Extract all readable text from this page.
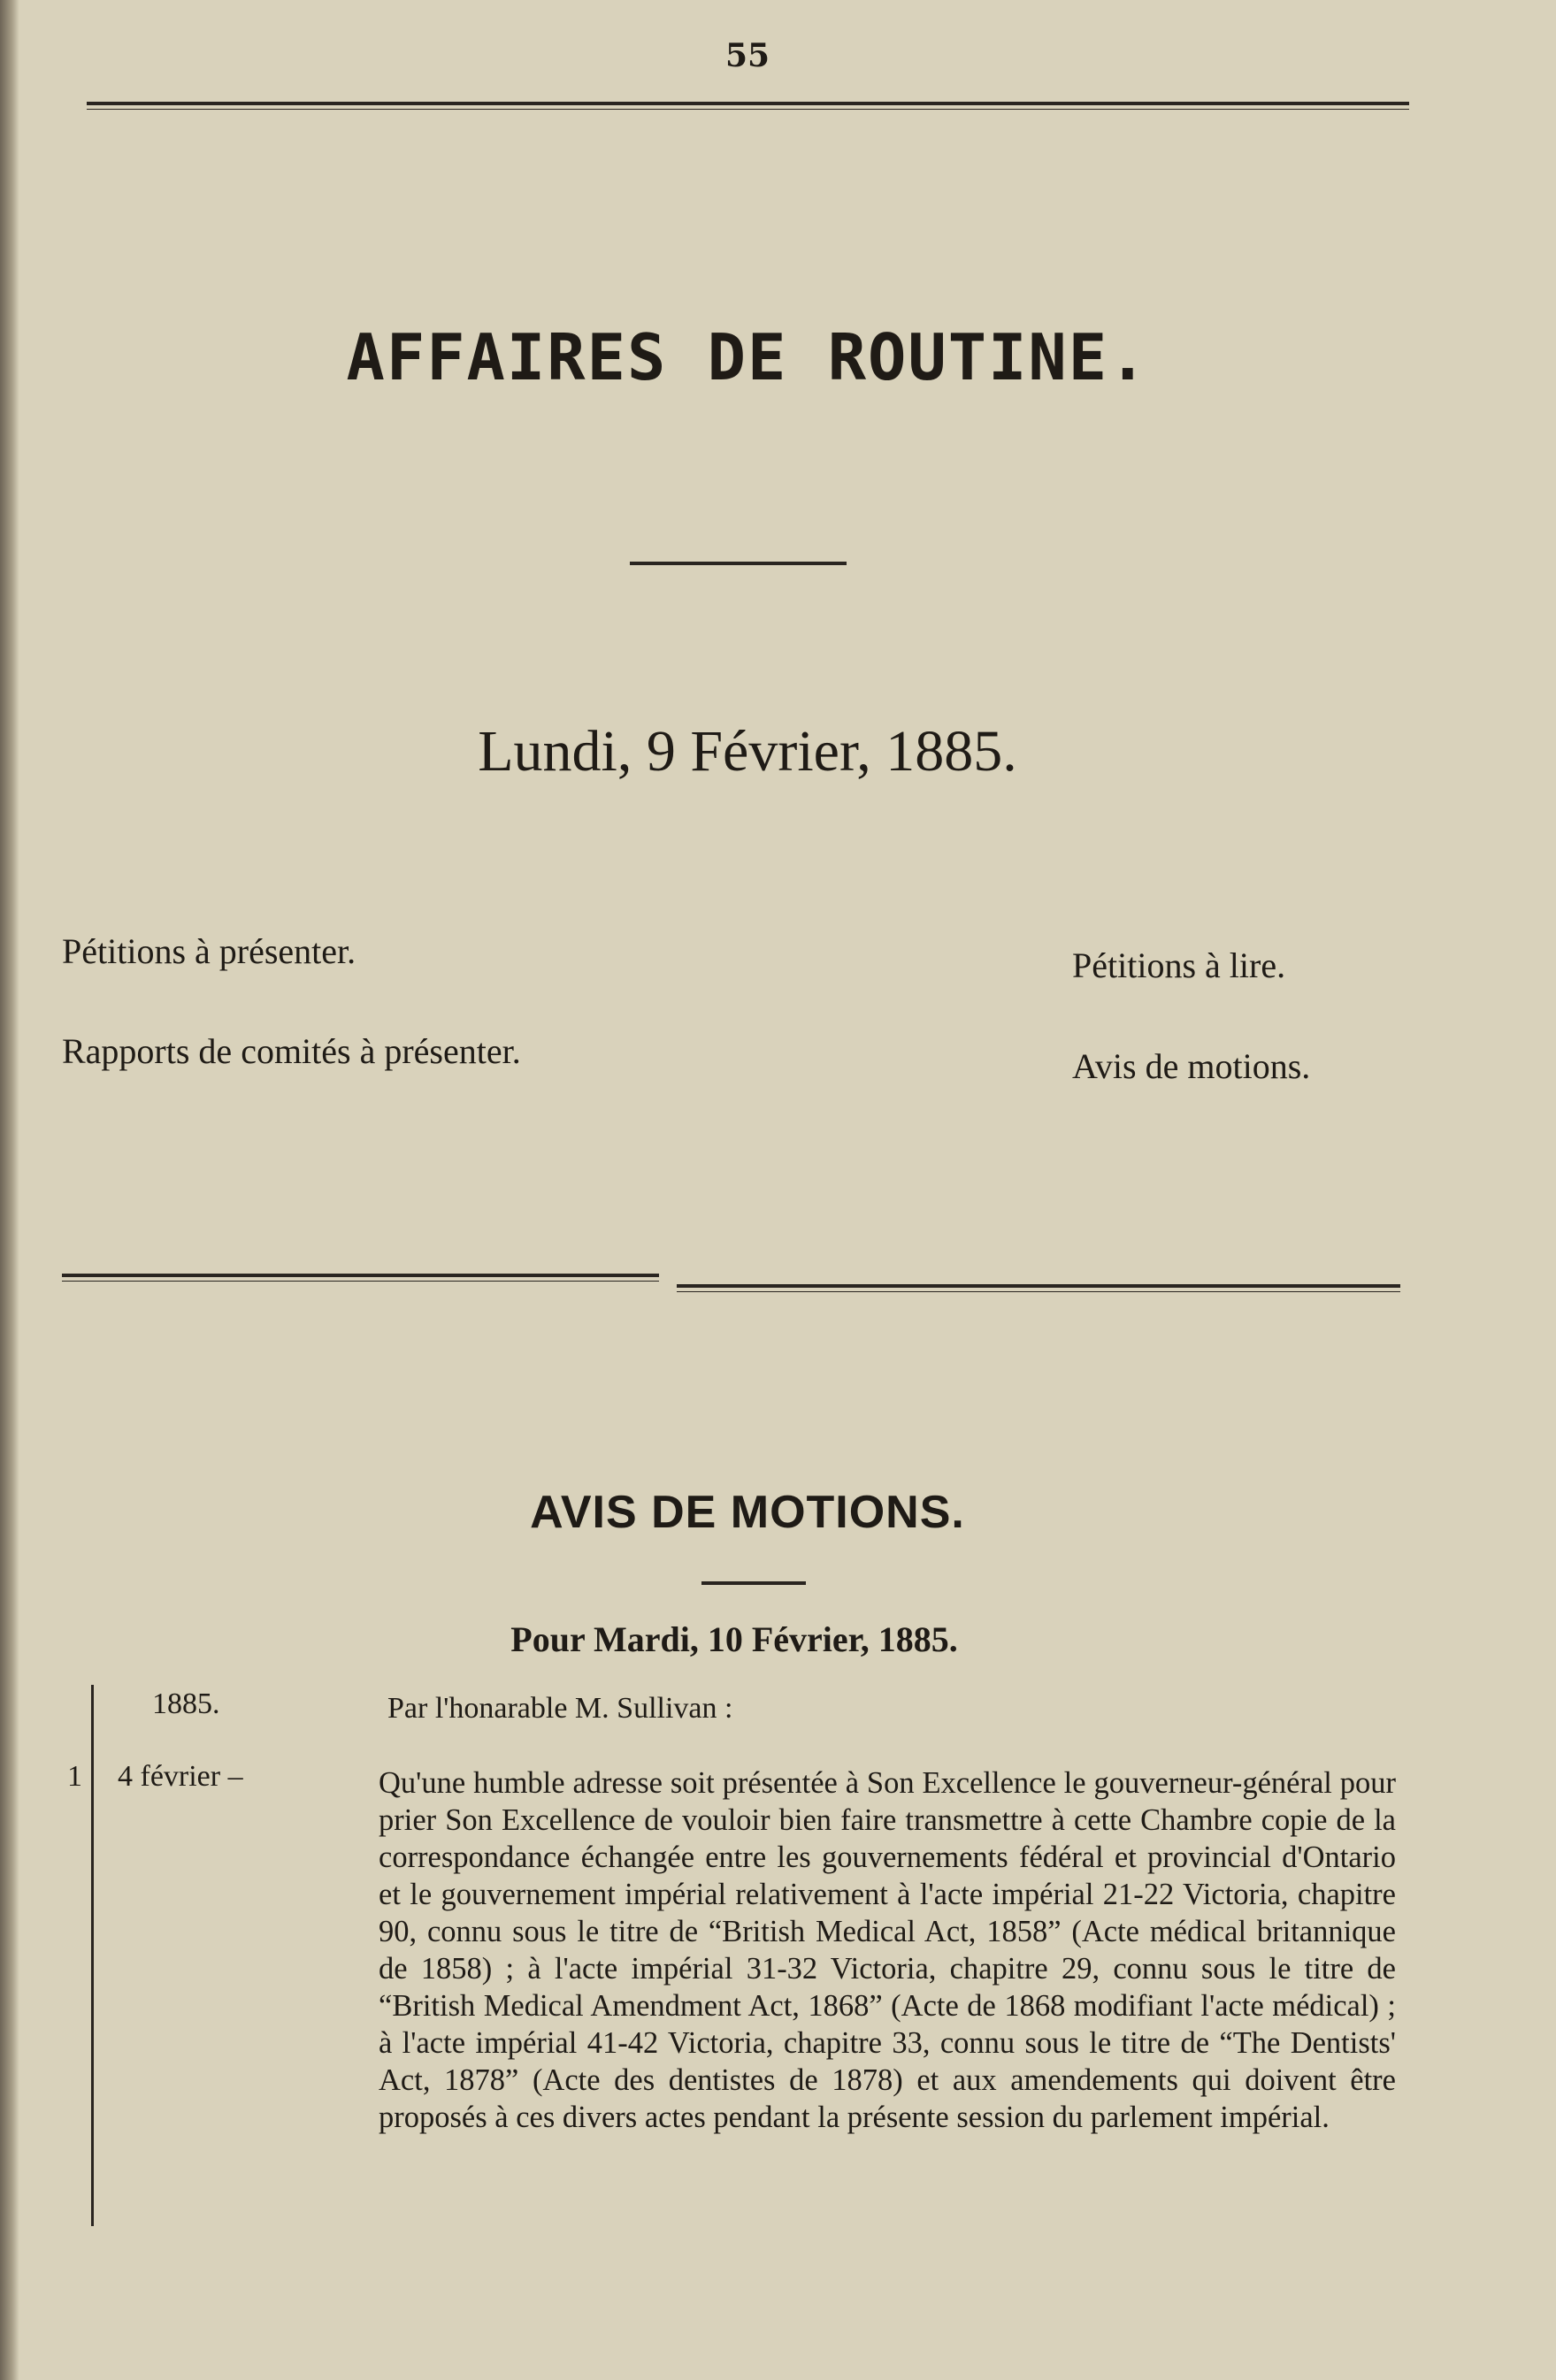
55
AFFAIRES DE ROUTINE.
Lundi, 9 Février, 1885.
Pétitions à présenter.
Rapports de comités à présenter.
Pétitions à lire.
Avis de motions.
AVIS DE MOTIONS.
Pour Mardi, 10 Février, 1885.
1885.	Par l'honarable M. Sullivan :
1 4 février –	Qu'une humble adresse soit présentée à Son Excellence le gouverneur-général pour prier Son Excellence de vouloir bien faire transmettre à cette Chambre copie de la correspondance échangée entre les gouvernements fédéral et provincial d'Ontario et le gouvernement impérial relativement à l'acte impérial 21-22 Victoria, chapitre 90, connu sous le titre de “British Medical Act, 1858” (Acte médical britannique de 1858) ; à l'acte impérial 31-32 Victoria, chapitre 29, connu sous le titre de “British Medical Amendment Act, 1868” (Acte de 1868 modifiant l'acte médical) ; à l'acte impérial 41-42 Victoria, chapitre 33, connu sous le titre de “The Dentists' Act, 1878” (Acte des dentistes de 1878) et aux amendements qui doivent être proposés à ces divers actes pendant la présente session du parlement impérial.
